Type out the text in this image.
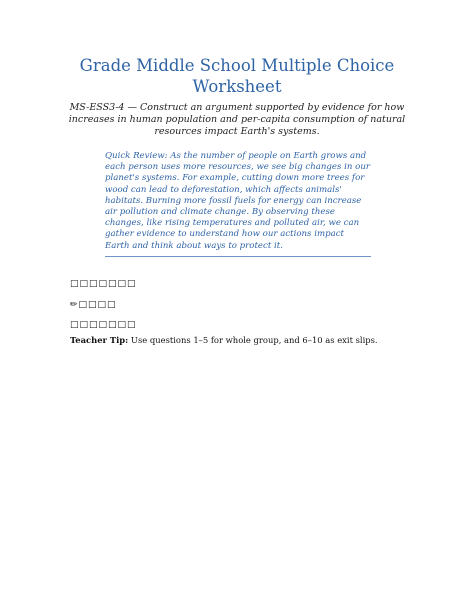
Grade Middle School Multiple Choice Worksheet

MS-ESS3-4 — Construct an argument supported by evidence for how increases in human population and per-capita consumption of natural resources impact Earth's systems.

Quick Review: As the number of people on Earth grows and each person uses more resources, we see big changes in our planet's systems. For example, cutting down more trees for wood can lead to deforestation, which affects animals' habitats. Burning more fossil fuels for energy can increase air pollution and climate change. By observing these changes, like rising temperatures and polluted air, we can gather evidence to understand how our actions impact Earth and think about ways to protect it.

□□□□□□□
✏□□□□
□□□□□□□
Teacher Tip: Use questions 1–5 for whole group, and 6–10 as exit slips.
